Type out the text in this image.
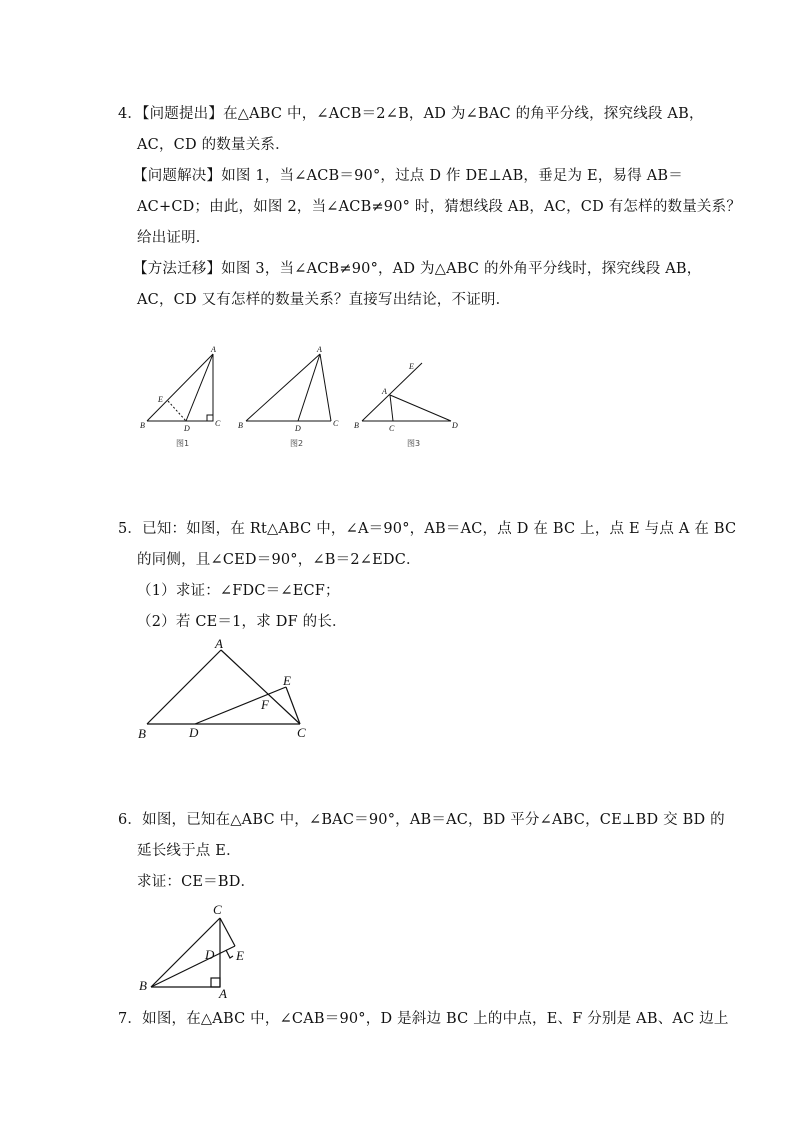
4．【问题提出】在△ABC 中，∠ACB＝2∠B，AD 为∠BAC 的角平分线，探究线段 AB，
AC，CD 的数量关系．
【问题解决】如图 1，当∠ACB＝90°，过点 D 作 DE⊥AB，垂足为 E，易得 AB＝
AC+CD；由此，如图 2，当∠ACB≠90° 时，猜想线段 AB，AC，CD 有怎样的数量关系？
给出证明．
【方法迁移】如图 3，当∠ACB≠90°，AD 为△ABC 的外角平分线时，探究线段 AB，
AC，CD 又有怎样的数量关系？直接写出结论，不证明．
A
E
B	D
C
图1
A
B	D
C
图2
A
E
B	C	D
图3
A
E
F
B	D	C
C
D E
B
A
5．已知：如图，在 Rt△ABC 中，∠A＝90°，AB＝AC，点 D 在 BC 上，点 E 与点 A 在 BC
的同侧，且∠CED＝90°，∠B＝2∠EDC．
（1）求证：∠FDC＝∠ECF；
（2）若 CE＝1，求 DF 的长．
6．如图，已知在△ABC 中，∠BAC＝90°，AB＝AC，BD 平分∠ABC，CE⊥BD 交 BD 的
延长线于点 E．
求证：CE＝BD．
7．如图，在△ABC 中，∠CAB＝90°，D 是斜边 BC 上的中点，E、F 分别是 AB、AC 边上
